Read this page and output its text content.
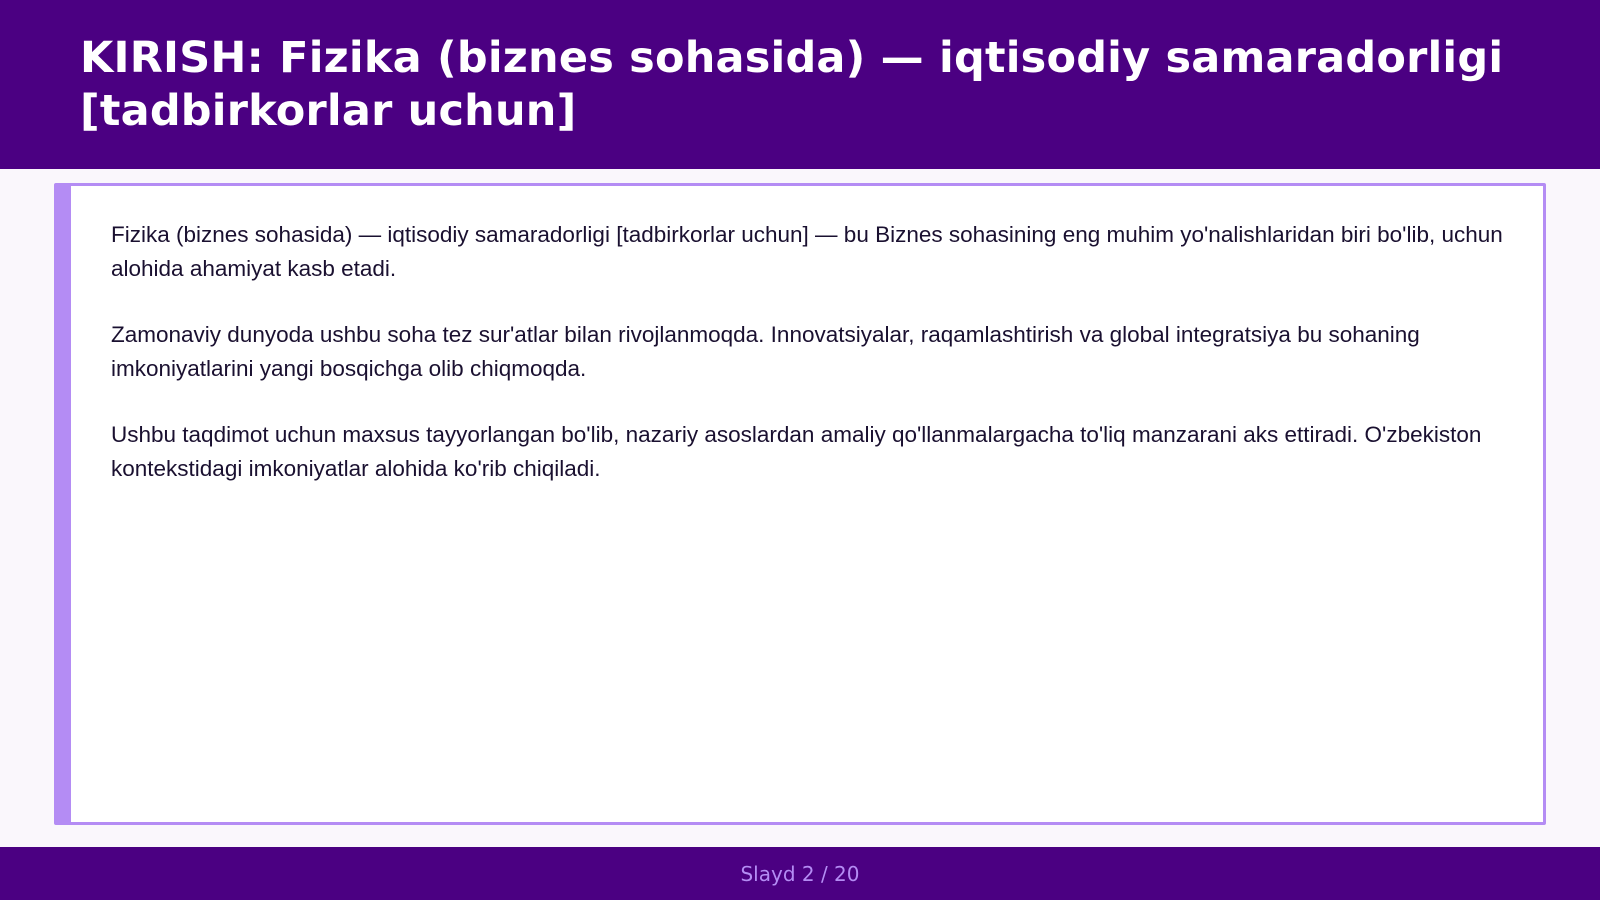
KIRISH: Fizika (biznes sohasida) — iqtisodiy samaradorligi [tadbirkorlar uchun]

Fizika (biznes sohasida) — iqtisodiy samaradorligi [tadbirkorlar uchun] — bu Biznes sohasining eng muhim yo'nalishlaridan biri bo'lib, uchun alohida ahamiyat kasb etadi.

Zamonaviy dunyoda ushbu soha tez sur'atlar bilan rivojlanmoqda. Innovatsiyalar, raqamlashtirish va global integratsiya bu sohaning imkoniyatlarini yangi bosqichga olib chiqmoqda.

Ushbu taqdimot uchun maxsus tayyorlangan bo'lib, nazariy asoslardan amaliy qo'llanmalargacha to'liq manzarani aks ettiradi. O'zbekiston kontekstidagi imkoniyatlar alohida ko'rib chiqiladi.

Slayd 2 / 20
